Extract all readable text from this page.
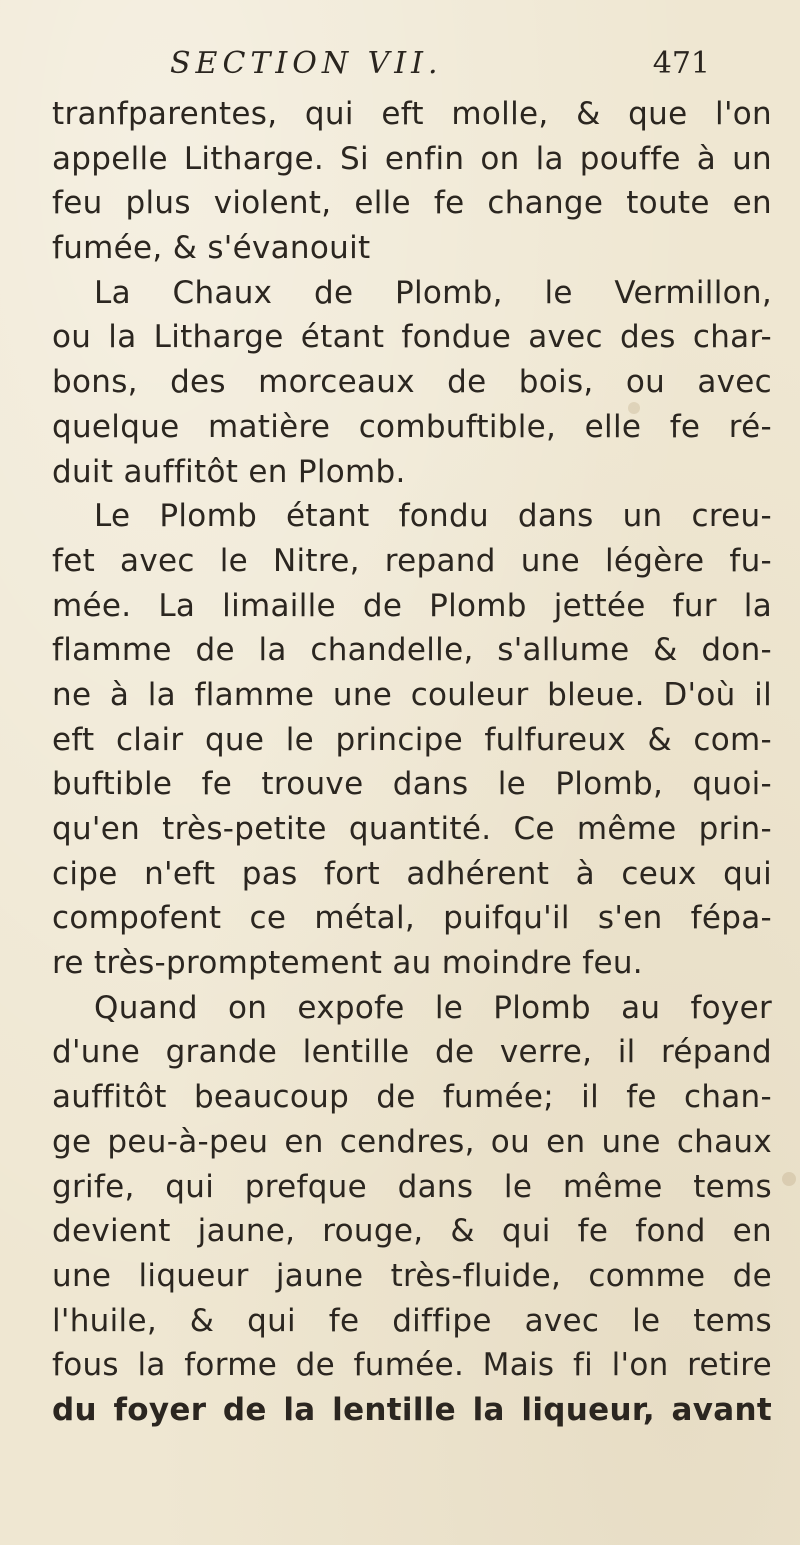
SECTION VII.	471
tranfparentes, qui eft molle, & que l'on
appelle Litharge. Si enfin on la pouffe à un
feu plus violent, elle fe change toute en
fumée, & s'évanouit
La Chaux de Plomb, le Vermillon,
ou la Litharge étant fondue avec des char-
bons, des morceaux de bois, ou avec
quelque matière combuftible, elle fe ré-
duit auffitôt en Plomb.
Le Plomb étant fondu dans un creu-
fet avec le Nitre, repand une légère fu-
mée. La limaille de Plomb jettée fur la
flamme de la chandelle, s'allume & don-
ne à la flamme une couleur bleue. D'où il
eft clair que le principe fulfureux & com-
buftible fe trouve dans le Plomb, quoi-
qu'en très-petite quantité. Ce même prin-
cipe n'eft pas fort adhérent à ceux qui
compofent ce métal, puifqu'il s'en fépa-
re très-promptement au moindre feu.
Quand on expofe le Plomb au foyer
d'une grande lentille de verre, il répand
auffitôt beaucoup de fumée; il fe chan-
ge peu-à-peu en cendres, ou en une chaux
grife, qui prefque dans le même tems
devient jaune, rouge, & qui fe fond en
une liqueur jaune très-fluide, comme de
l'huile, & qui fe diffipe avec le tems
fous la forme de fumée. Mais fi l'on retire
du foyer de la lentille la liqueur, avant
